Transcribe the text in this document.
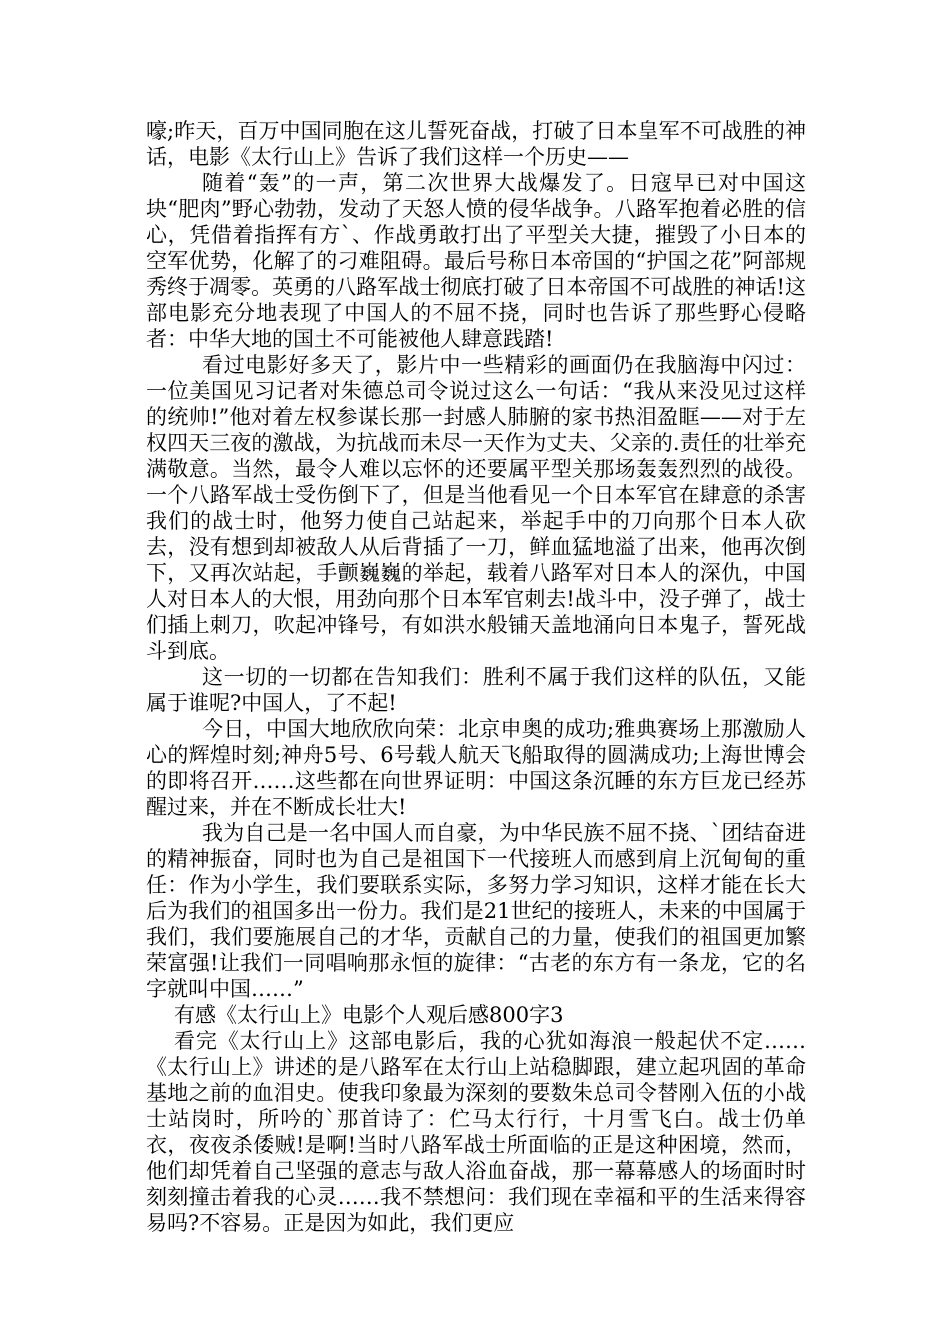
嚎;昨天，百万中国同胞在这儿誓死奋战，打破了日本皇军不可战胜的神话，电影《太行山上》告诉了我们这样一个历史——

随着“轰”的一声，第二次世界大战爆发了。日寇早已对中国这块“肥肉”野心勃勃，发动了天怒人愤的侵华战争。八路军抱着必胜的信心，凭借着指挥有方`、作战勇敢打出了平型关大捷，摧毁了小日本的空军优势，化解了的刁难阻碍。最后号称日本帝国的“护国之花”阿部规秀终于凋零。英勇的八路军战士彻底打破了日本帝国不可战胜的神话!这部电影充分地表现了中国人的不屈不挠，同时也告诉了那些野心侵略者：中华大地的国土不可能被他人肆意践踏!

看过电影好多天了，影片中一些精彩的画面仍在我脑海中闪过：一位美国见习记者对朱德总司令说过这么一句话：“我从来没见过这样的统帅!”他对着左权参谋长那一封感人肺腑的家书热泪盈眶——对于左权四天三夜的激战，为抗战而未尽一天作为丈夫、父亲的.责任的壮举充满敬意。当然，最令人难以忘怀的还要属平型关那场轰轰烈烈的战役。一个八路军战士受伤倒下了，但是当他看见一个日本军官在肆意的杀害我们的战士时，他努力使自己站起来，举起手中的刀向那个日本人砍去，没有想到却被敌人从后背插了一刀，鲜血猛地溢了出来，他再次倒下，又再次站起，手颤巍巍的举起，载着八路军对日本人的深仇，中国人对日本人的大恨，用劲向那个日本军官刺去!战斗中，没子弹了，战士们插上刺刀，吹起冲锋号，有如洪水般铺天盖地涌向日本鬼子，誓死战斗到底。

这一切的一切都在告知我们：胜利不属于我们这样的队伍，又能属于谁呢?中国人，了不起!

今日，中国大地欣欣向荣：北京申奥的成功;雅典赛场上那激励人心的辉煌时刻;神舟5号、6号载人航天飞船取得的圆满成功;上海世博会的即将召开……这些都在向世界证明：中国这条沉睡的东方巨龙已经苏醒过来，并在不断成长壮大!

我为自己是一名中国人而自豪，为中华民族不屈不挠、`团结奋进的精神振奋，同时也为自己是祖国下一代接班人而感到肩上沉甸甸的重任：作为小学生，我们要联系实际，多努力学习知识，这样才能在长大后为我们的祖国多出一份力。我们是21世纪的接班人，未来的中国属于我们，我们要施展自己的才华，贡献自己的力量，使我们的祖国更加繁荣富强!让我们一同唱响那永恒的旋律：“古老的东方有一条龙，它的名字就叫中国……”

有感《太行山上》电影个人观后感800字3

看完《太行山上》这部电影后，我的心犹如海浪一般起伏不定……《太行山上》讲述的是八路军在太行山上站稳脚跟，建立起巩固的革命基地之前的血泪史。使我印象最为深刻的要数朱总司令替刚入伍的小战士站岗时，所吟的`那首诗了：伫马太行行，十月雪飞白。战士仍单衣，夜夜杀倭贼!是啊!当时八路军战士所面临的正是这种困境，然而，他们却凭着自己坚强的意志与敌人浴血奋战，那一幕幕感人的场面时时刻刻撞击着我的心灵……我不禁想问：我们现在幸福和平的生活来得容易吗?不容易。正是因为如此，我们更应
